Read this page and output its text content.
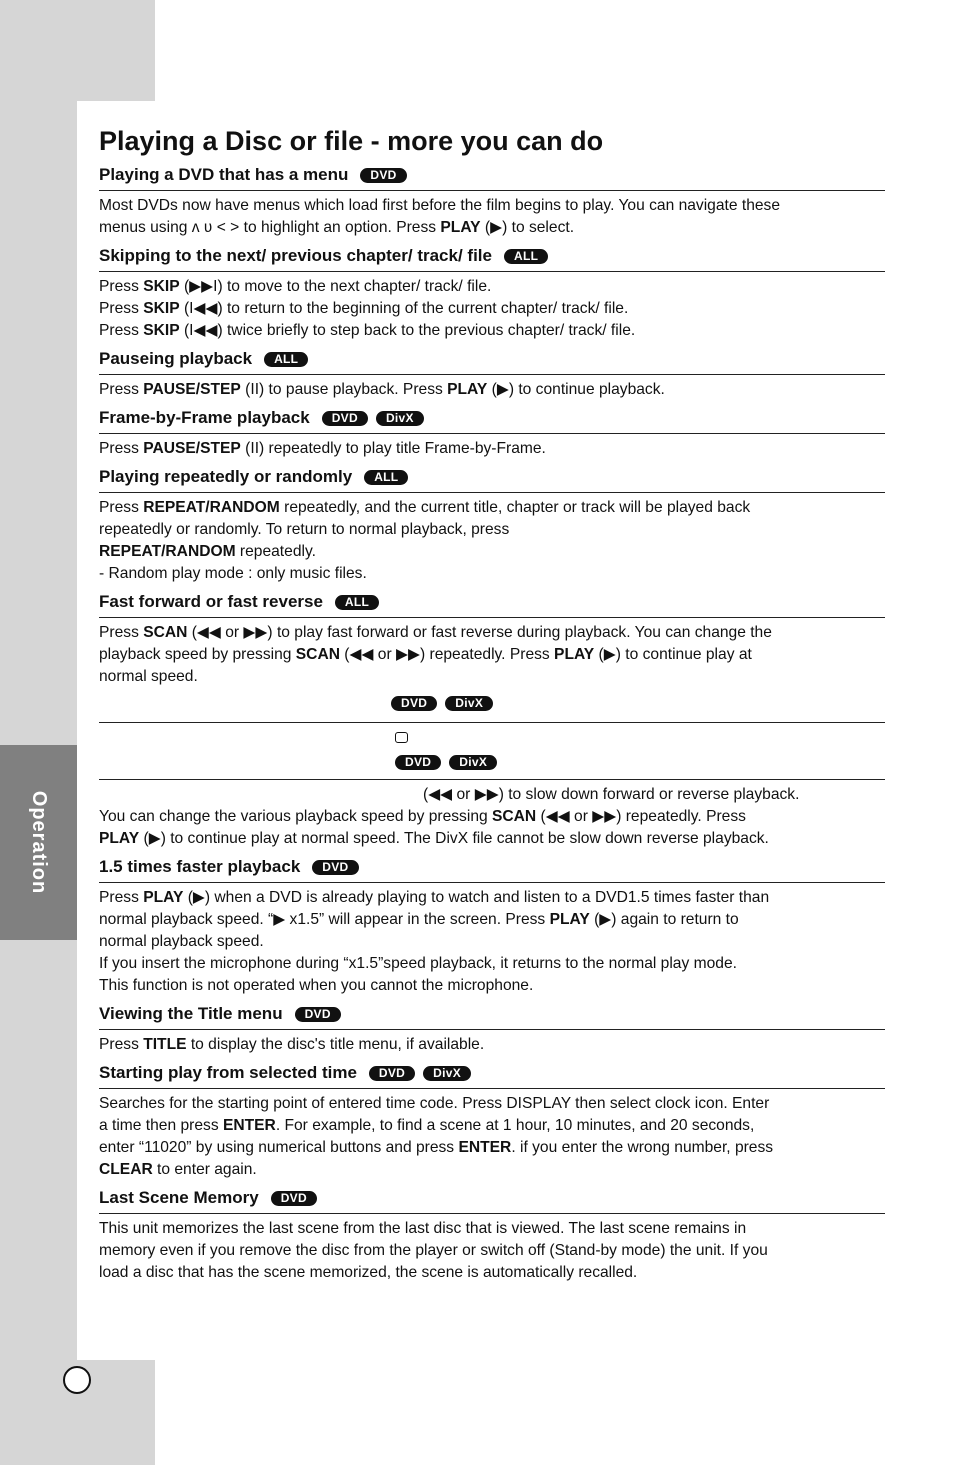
Operation
Playing a Disc or file - more you can do
Playing a DVD that has a menu	DVD
Most DVDs now have menus which load first before the film begins to play. You can navigate these
menus using ʌ ʋ < > to highlight an option. Press PLAY (▶) to select.
Skipping to the next/ previous chapter/ track/ file	ALL
Press SKIP (▶▶I) to move to the next chapter/ track/ file.
Press SKIP (I◀◀) to return to the beginning of the current chapter/ track/ file.
Press SKIP (I◀◀) twice briefly to step back to the previous chapter/ track/ file.
Pauseing playback	ALL
Press PAUSE/STEP (II) to pause playback. Press PLAY (▶) to continue playback.
Frame-by-Frame playback	DVD	DivX
Press PAUSE/STEP (II) repeatedly to play title Frame-by-Frame.
Playing repeatedly or randomly	ALL
Press REPEAT/RANDOM repeatedly, and the current title, chapter or track will be played back
repeatedly or randomly. To return to normal playback, press
REPEAT/RANDOM repeatedly.
- Random play mode : only music files.
Fast forward or fast reverse	ALL
Press SCAN (◀◀ or ▶▶) to play fast forward or fast reverse during playback. You can change the
playback speed by pressing SCAN (◀◀ or ▶▶) repeatedly. Press PLAY (▶) to continue play at
normal speed.
DVD	DivX
DVD	DivX
(◀◀ or ▶▶) to slow down forward or reverse playback.
You can change the various playback speed by pressing SCAN (◀◀ or ▶▶) repeatedly. Press
PLAY (▶) to continue play at normal speed. The DivX file cannot be slow down reverse playback.
1.5 times faster playback	DVD
Press PLAY (▶) when a DVD is already playing to watch and listen to a DVD1.5 times faster than
normal playback speed. “▶ x1.5” will appear in the screen. Press PLAY (▶) again to return to
normal playback speed.
If you insert the microphone during “x1.5”speed playback, it returns to the normal play mode.
This function is not operated when you cannot the microphone.
Viewing the Title menu	DVD
Press TITLE to display the disc's title menu, if available.
Starting play from selected time	DVD	DivX
Searches for the starting point of entered time code. Press DISPLAY then select clock icon. Enter
a time then press ENTER. For example, to find a scene at 1 hour, 10 minutes, and 20 seconds,
enter “11020” by using numerical buttons and press ENTER. if you enter the wrong number, press
CLEAR to enter again.
Last Scene Memory	DVD
This unit memorizes the last scene from the last disc that is viewed. The last scene remains in
memory even if you remove the disc from the player or switch off (Stand-by mode) the unit. If you
load a disc that has the scene memorized, the scene is automatically recalled.
